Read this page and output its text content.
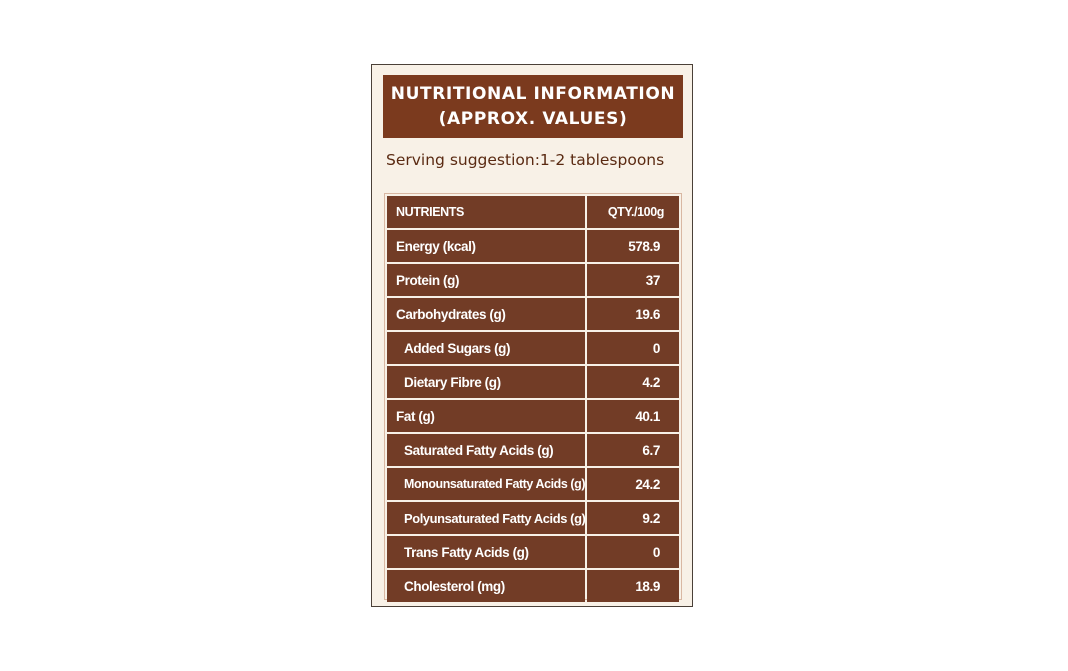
NUTRITIONAL INFORMATION
(APPROX. VALUES)
Serving suggestion:1-2 tablespoons
NUTRIENTS	QTY./100g
Energy (kcal)	578.9
Protein (g)	37
Carbohydrates (g)	19.6
Added Sugars (g)	0
Dietary Fibre (g)	4.2
Fat (g)	40.1
Saturated Fatty Acids (g)	6.7
Monounsaturated Fatty Acids (g)	24.2
Polyunsaturated Fatty Acids (g)	9.2
Trans Fatty Acids (g)	0
Cholesterol (mg)	18.9
